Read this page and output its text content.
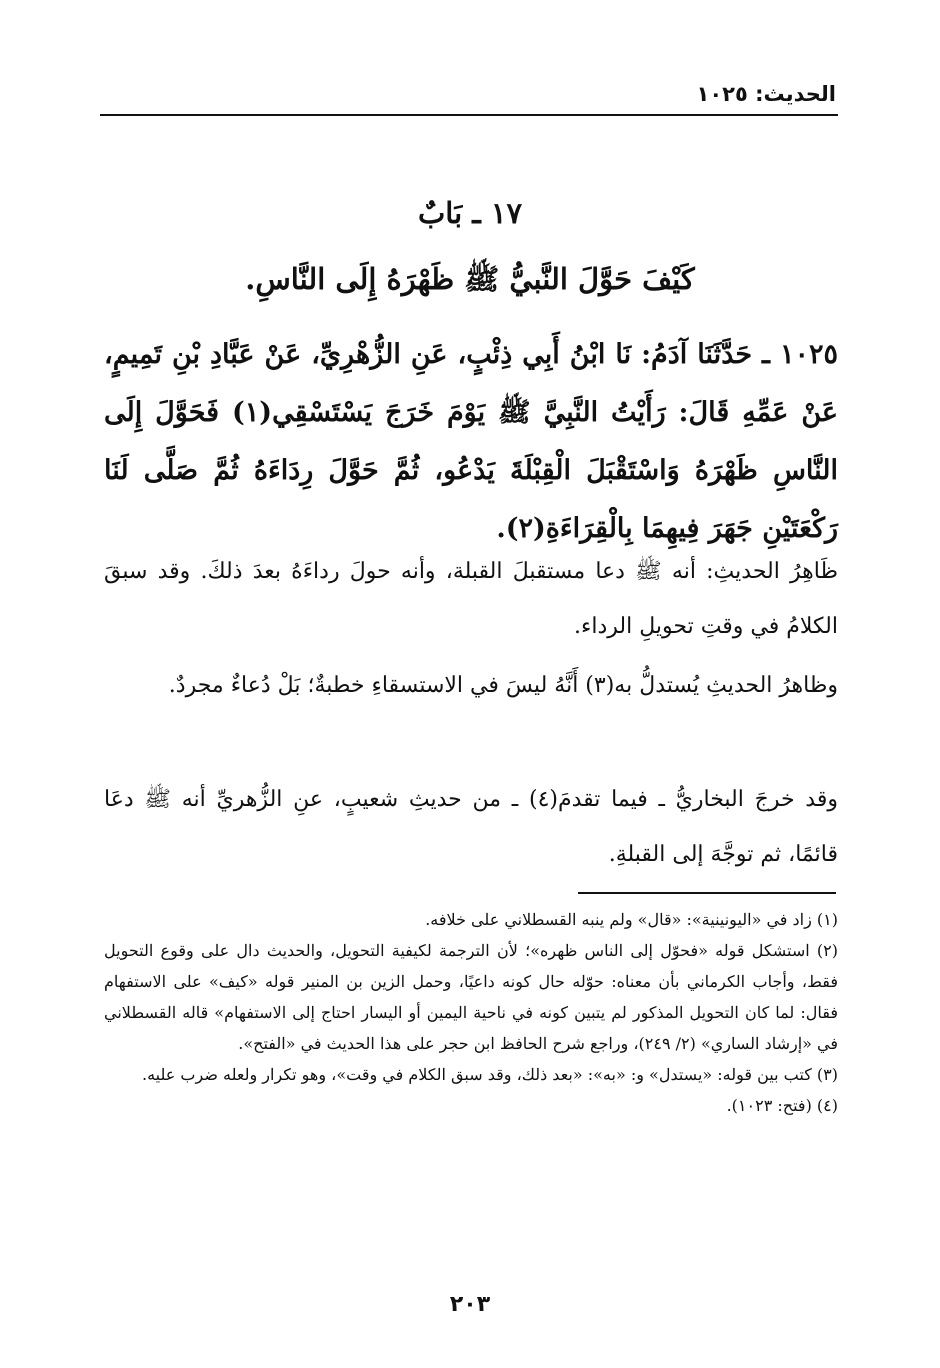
الحديث: ١٠٢٥
١٧ ـ بَابٌ
كَيْفَ حَوَّلَ النَّبيُّ ﷺ ظَهْرَهُ إِلَى النَّاسِ.

١٠٢٥ ـ حَدَّثَنَا آدَمُ: نَا ابْنُ أَبِي ذِئْبٍ، عَنِ الزُّهْرِيِّ، عَنْ عَبَّادِ بْنِ تَمِيمٍ، عَنْ عَمِّهِ قَالَ: رَأَيْتُ النَّبِيَّ ﷺ يَوْمَ خَرَجَ يَسْتَسْقِي(١) فَحَوَّلَ إِلَى النَّاسِ ظَهْرَهُ وَاسْتَقْبَلَ الْقِبْلَةَ يَدْعُو، ثُمَّ حَوَّلَ رِدَاءَهُ ثُمَّ صَلَّى لَنَا رَكْعَتَيْنِ جَهَرَ فِيهِمَا بِالْقِرَاءَةِ(٢).

ظَاهِرُ الحديثِ: أنه ﷺ دعا مستقبلَ القبلة، وأنه حولَ رداءَهُ بعدَ ذلكَ. وقد سبقَ الكلامُ في وقتِ تحويلِ الرداء.

وظاهرُ الحديثِ يُستدلُّ به(٣) أَنَّهُ ليسَ في الاستسقاءِ خطبةٌ؛ بَلْ دُعاءٌ مجردٌ.

وقد خرجَ البخاريُّ ـ فيما تقدمَ(٤) ـ من حديثِ شعيبٍ، عنِ الزُّهريِّ أنه ﷺ دعَا قائمًا، ثم توجَّهَ إلى القبلةِ.

(١) زاد في «اليونينية»: «قال» ولم ينبه القسطلاني على خلافه.

(٢) استشكل قوله «فحوّل إلى الناس ظهره»؛ لأن الترجمة لكيفية التحويل، والحديث دال على وقوع التحويل فقط، وأجاب الكرماني بأن معناه: حوّله حال كونه داعيًا، وحمل الزين بن المنير قوله «كيف» على الاستفهام فقال: لما كان التحويل المذكور لم يتبين كونه في ناحية اليمين أو اليسار احتاج إلى الاستفهام» قاله القسطلاني في «إرشاد الساري» (٢/ ٢٤٩)، وراجع شرح الحافظ ابن حجر على هذا الحديث في «الفتح».

(٣) كتب بين قوله: «يستدل» و: «به»: «بعد ذلك، وقد سبق الكلام في وقت»، وهو تكرار ولعله ضرب عليه.

(٤) (فتح: ١٠٢٣).

٢٠٣
